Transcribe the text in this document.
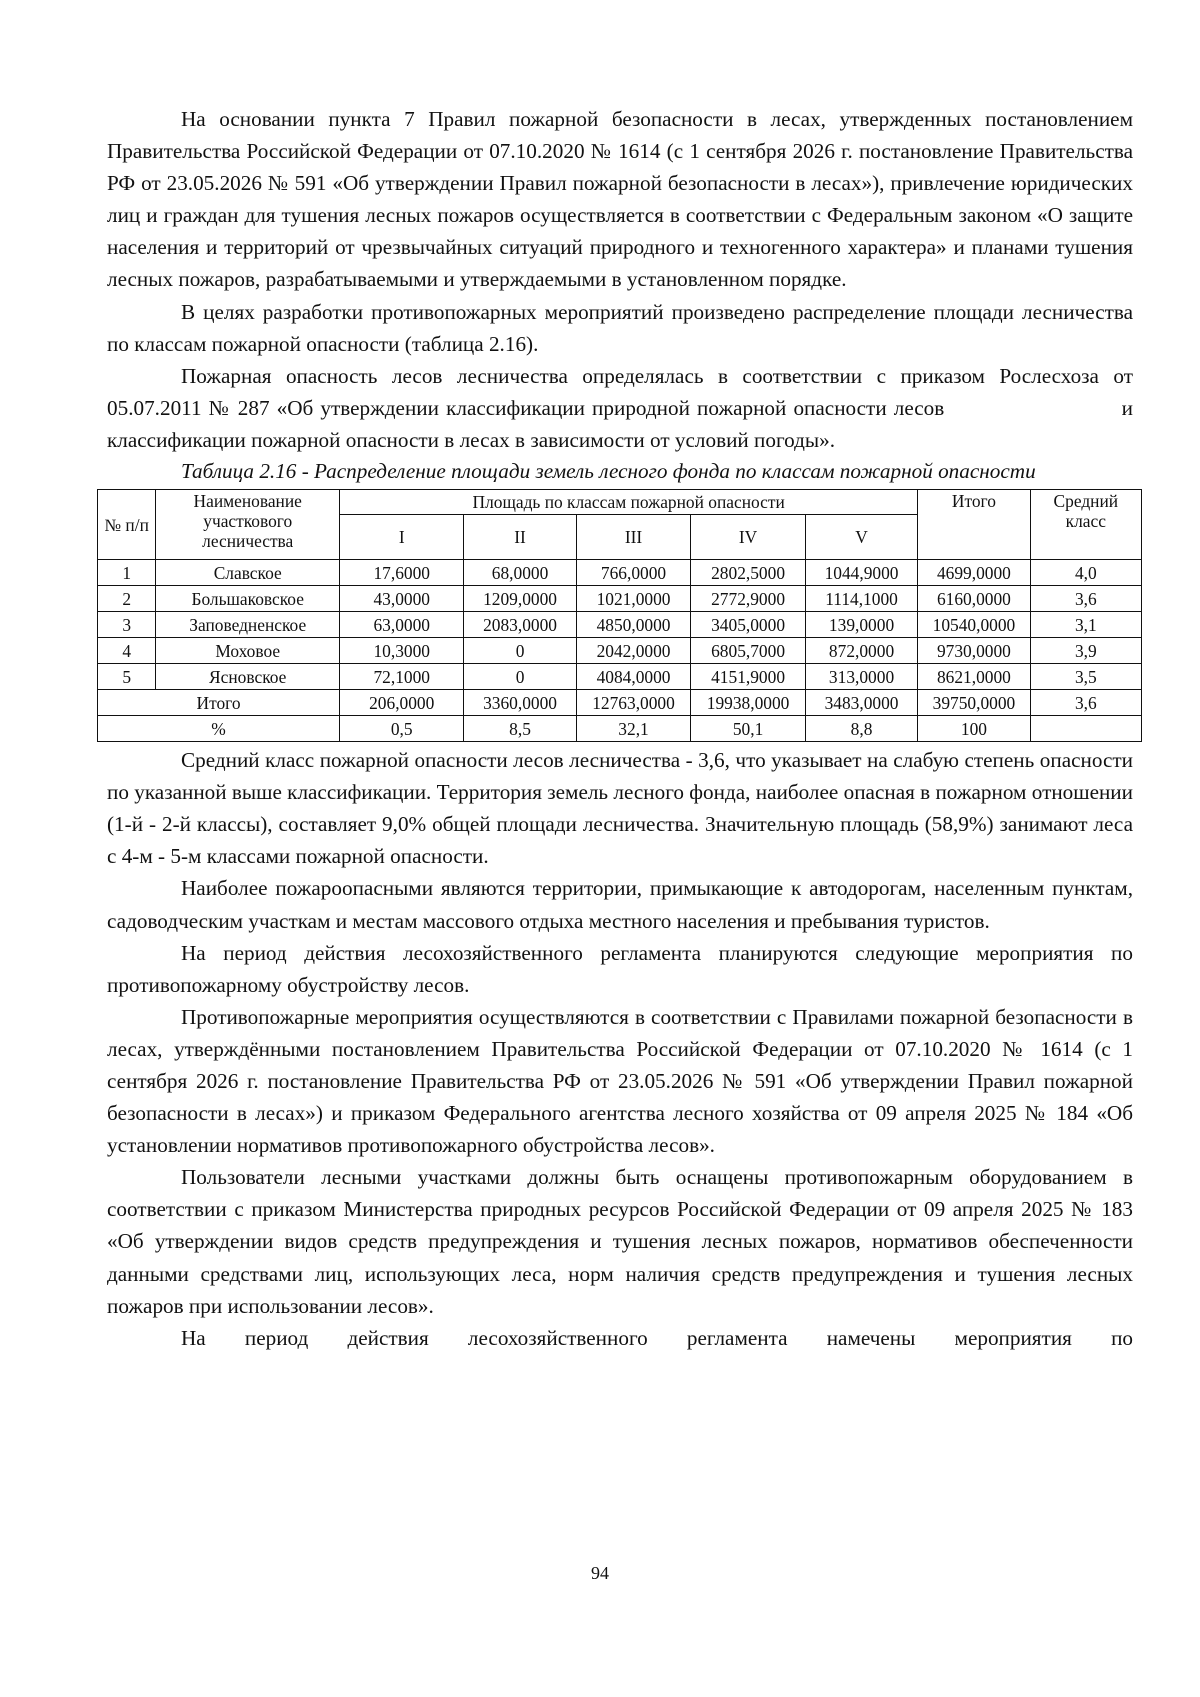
На основании пункта 7 Правил пожарной безопасности в лесах, утвержденных постановлением Правительства Российской Федерации от 07.10.2020 № 1614 (с 1 сентября 2026 г. постановление Правительства РФ от 23.05.2026 № 591 «Об утверждении Правил пожарной безопасности в лесах»), привлечение юридических лиц и граждан для тушения лесных пожаров осуществляется в соответствии с Федеральным законом «О защите населения и территорий от чрезвычайных ситуаций природного и техногенного характера» и планами тушения лесных пожаров, разрабатываемыми и утверждаемыми в установленном порядке.

В целях разработки противопожарных мероприятий произведено распределение площади лесничества по классам пожарной опасности (таблица 2.16).

Пожарная опасность лесов лесничества определялась в соответствии с приказом Рослесхоза от 05.07.2011 № 287 «Об утверждении классификации природной пожарной опасности лесов                         и классификации пожарной опасности в лесах в зависимости от условий погоды».

Таблица 2.16 - Распределение площади земель лесного фонда по классам пожарной опасности

№ п/п	Наименование участкового лесничества	Площадь по классам пожарной опасности					Итого	Средний класс
		I	II	III	IV	V		
1	Славское	17,6000	68,0000	766,0000	2802,5000	1044,9000	4699,0000	4,0
2	Большаковское	43,0000	1209,0000	1021,0000	2772,9000	1114,1000	6160,0000	3,6
3	Заповедненское	63,0000	2083,0000	4850,0000	3405,0000	139,0000	10540,0000	3,1
4	Моховое	10,3000	0	2042,0000	6805,7000	872,0000	9730,0000	3,9
5	Ясновское	72,1000	0	4084,0000	4151,9000	313,0000	8621,0000	3,5
Итого		206,0000	3360,0000	12763,0000	19938,0000	3483,0000	39750,0000	3,6
%		0,5	8,5	32,1	50,1	8,8	100	

Средний класс пожарной опасности лесов лесничества - 3,6, что указывает на слабую степень опасности по указанной выше классификации. Территория земель лесного фонда, наиболее опасная в пожарном отношении (1-й - 2-й классы), составляет 9,0% общей площади лесничества. Значительную площадь (58,9%) занимают леса с 4-м - 5-м классами пожарной опасности.

Наиболее пожароопасными являются территории, примыкающие к автодорогам, населенным пунктам, садоводческим участкам и местам массового отдыха местного населения и пребывания туристов.

На период действия лесохозяйственного регламента планируются следующие мероприятия по противопожарному обустройству лесов.

Противопожарные мероприятия осуществляются в соответствии с Правилами пожарной безопасности в лесах, утверждёнными постановлением Правительства Российской Федерации от 07.10.2020 № 1614 (с 1 сентября 2026 г. постановление Правительства РФ от 23.05.2026 № 591 «Об утверждении Правил пожарной безопасности в лесах») и приказом Федерального агентства лесного хозяйства от 09 апреля 2025 № 184 «Об установлении нормативов противопожарного обустройства лесов».

Пользователи лесными участками должны быть оснащены противопожарным оборудованием в соответствии с приказом Министерства природных ресурсов Российской Федерации от 09 апреля 2025 № 183 «Об утверждении видов средств предупреждения и тушения лесных пожаров, нормативов обеспеченности данными средствами лиц, использующих леса, норм наличия средств предупреждения и тушения лесных пожаров при использовании лесов».

На период действия лесохозяйственного регламента намечены мероприятия по

94
